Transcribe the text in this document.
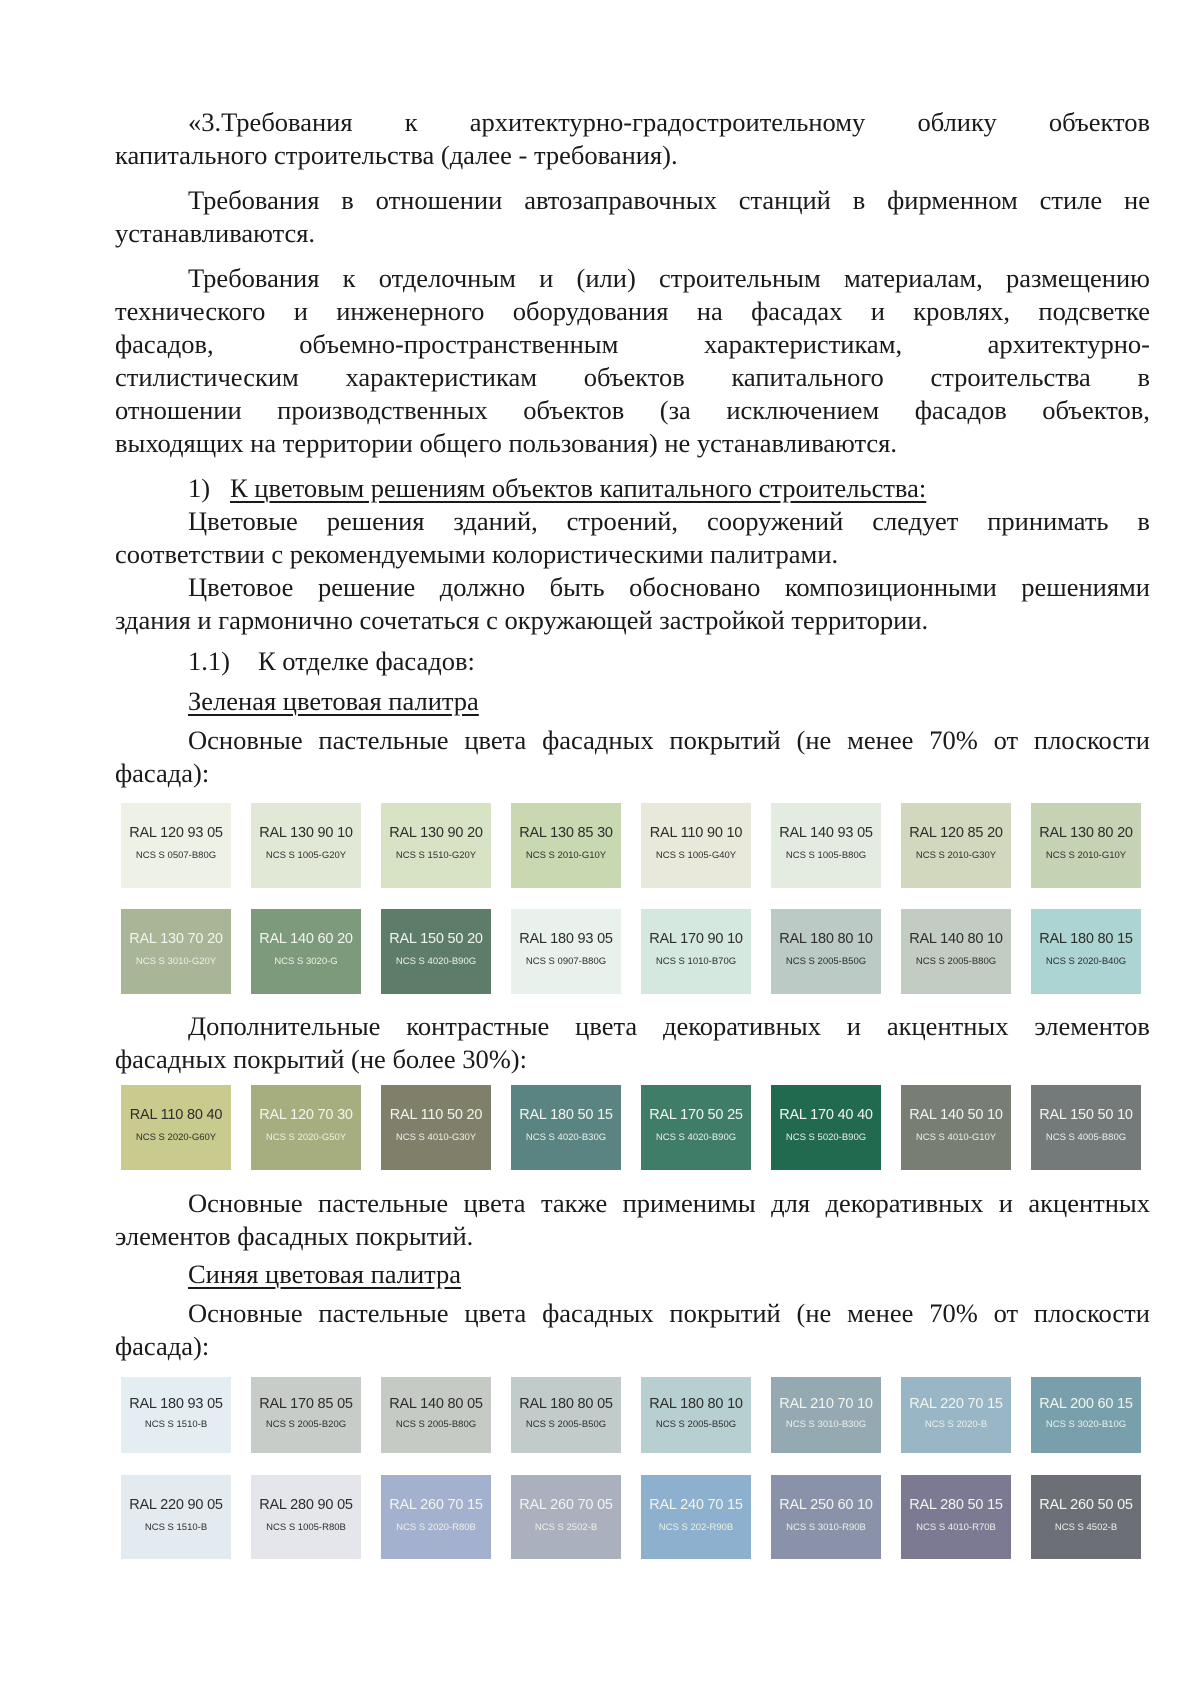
«3.Требования к архитектурно-градостроительному облику объектов
капитального строительства (далее - требования).
Требования в отношении автозаправочных станций в фирменном стиле не
устанавливаются.
Требования к отделочным и (или) строительным материалам, размещению
технического и инженерного оборудования на фасадах и кровлях, подсветке
фасадов,	объемно-пространственным	характеристикам,	архитектурно-
стилистическим характеристикам объектов капитального строительства в
отношении производственных объектов (за исключением фасадов объектов,
выходящих на территории общего пользования) не устанавливаются.
1) К цветовым решениям объектов капитального строительства:
Цветовые решения зданий, строений, сооружений следует принимать в
соответствии с рекомендуемыми колористическими палитрами.
Цветовое решение должно быть обосновано композиционными решениями
здания и гармонично сочетаться с окружающей застройкой территории.
1.1) К отделке фасадов:
Зеленая цветовая палитра
Основные пастельные цвета фасадных покрытий (не менее 70% от плоскости
фасада):
RAL 120 93 05
NCS S 0507-B80G
RAL 130 90 10
NCS S 1005-G20Y
RAL 130 90 20
NCS S 1510-G20Y
RAL 130 85 30
NCS S 2010-G10Y
RAL 110 90 10
NCS S 1005-G40Y
RAL 140 93 05
NCS S 1005-B80G
RAL 120 85 20
NCS S 2010-G30Y
RAL 130 80 20
NCS S 2010-G10Y
RAL 130 70 20
NCS S 3010-G20Y
RAL 140 60 20
NCS S 3020-G
RAL 150 50 20
NCS S 4020-B90G
RAL 180 93 05
NCS S 0907-B80G
RAL 170 90 10
NCS S 1010-B70G
RAL 180 80 10
NCS S 2005-B50G
RAL 140 80 10
NCS S 2005-B80G
RAL 180 80 15
NCS S 2020-B40G
Дополнительные контрастные цвета декоративных и акцентных элементов
фасадных покрытий (не более 30%):
RAL 110 80 40
NCS S 2020-G60Y
RAL 120 70 30
NCS S 2020-G50Y
RAL 110 50 20
NCS S 4010-G30Y
RAL 180 50 15
NCS S 4020-B30G
RAL 170 50 25
NCS S 4020-B90G
RAL 170 40 40
NCS S 5020-B90G
RAL 140 50 10
NCS S 4010-G10Y
RAL 150 50 10
NCS S 4005-B80G
Основные пастельные цвета также применимы для декоративных и акцентных
элементов фасадных покрытий.
Синяя цветовая палитра
Основные пастельные цвета фасадных покрытий (не менее 70% от плоскости
фасада):
RAL 180 93 05
NCS S 1510-B
RAL 170 85 05
NCS S 2005-B20G
RAL 140 80 05
NCS S 2005-B80G
RAL 180 80 05
NCS S 2005-B50G
RAL 180 80 10
NCS S 2005-B50G
RAL 210 70 10
NCS S 3010-B30G
RAL 220 70 15
NCS S 2020-B
RAL 200 60 15
NCS S 3020-B10G
RAL 220 90 05
NCS S 1510-B
RAL 280 90 05
NCS S 1005-R80B
RAL 260 70 15
NCS S 2020-R80B
RAL 260 70 05
NCS S 2502-B
RAL 240 70 15
NCS S 202-R90B
RAL 250 60 10
NCS S 3010-R90B
RAL 280 50 15
NCS S 4010-R70B
RAL 260 50 05
NCS S 4502-B
